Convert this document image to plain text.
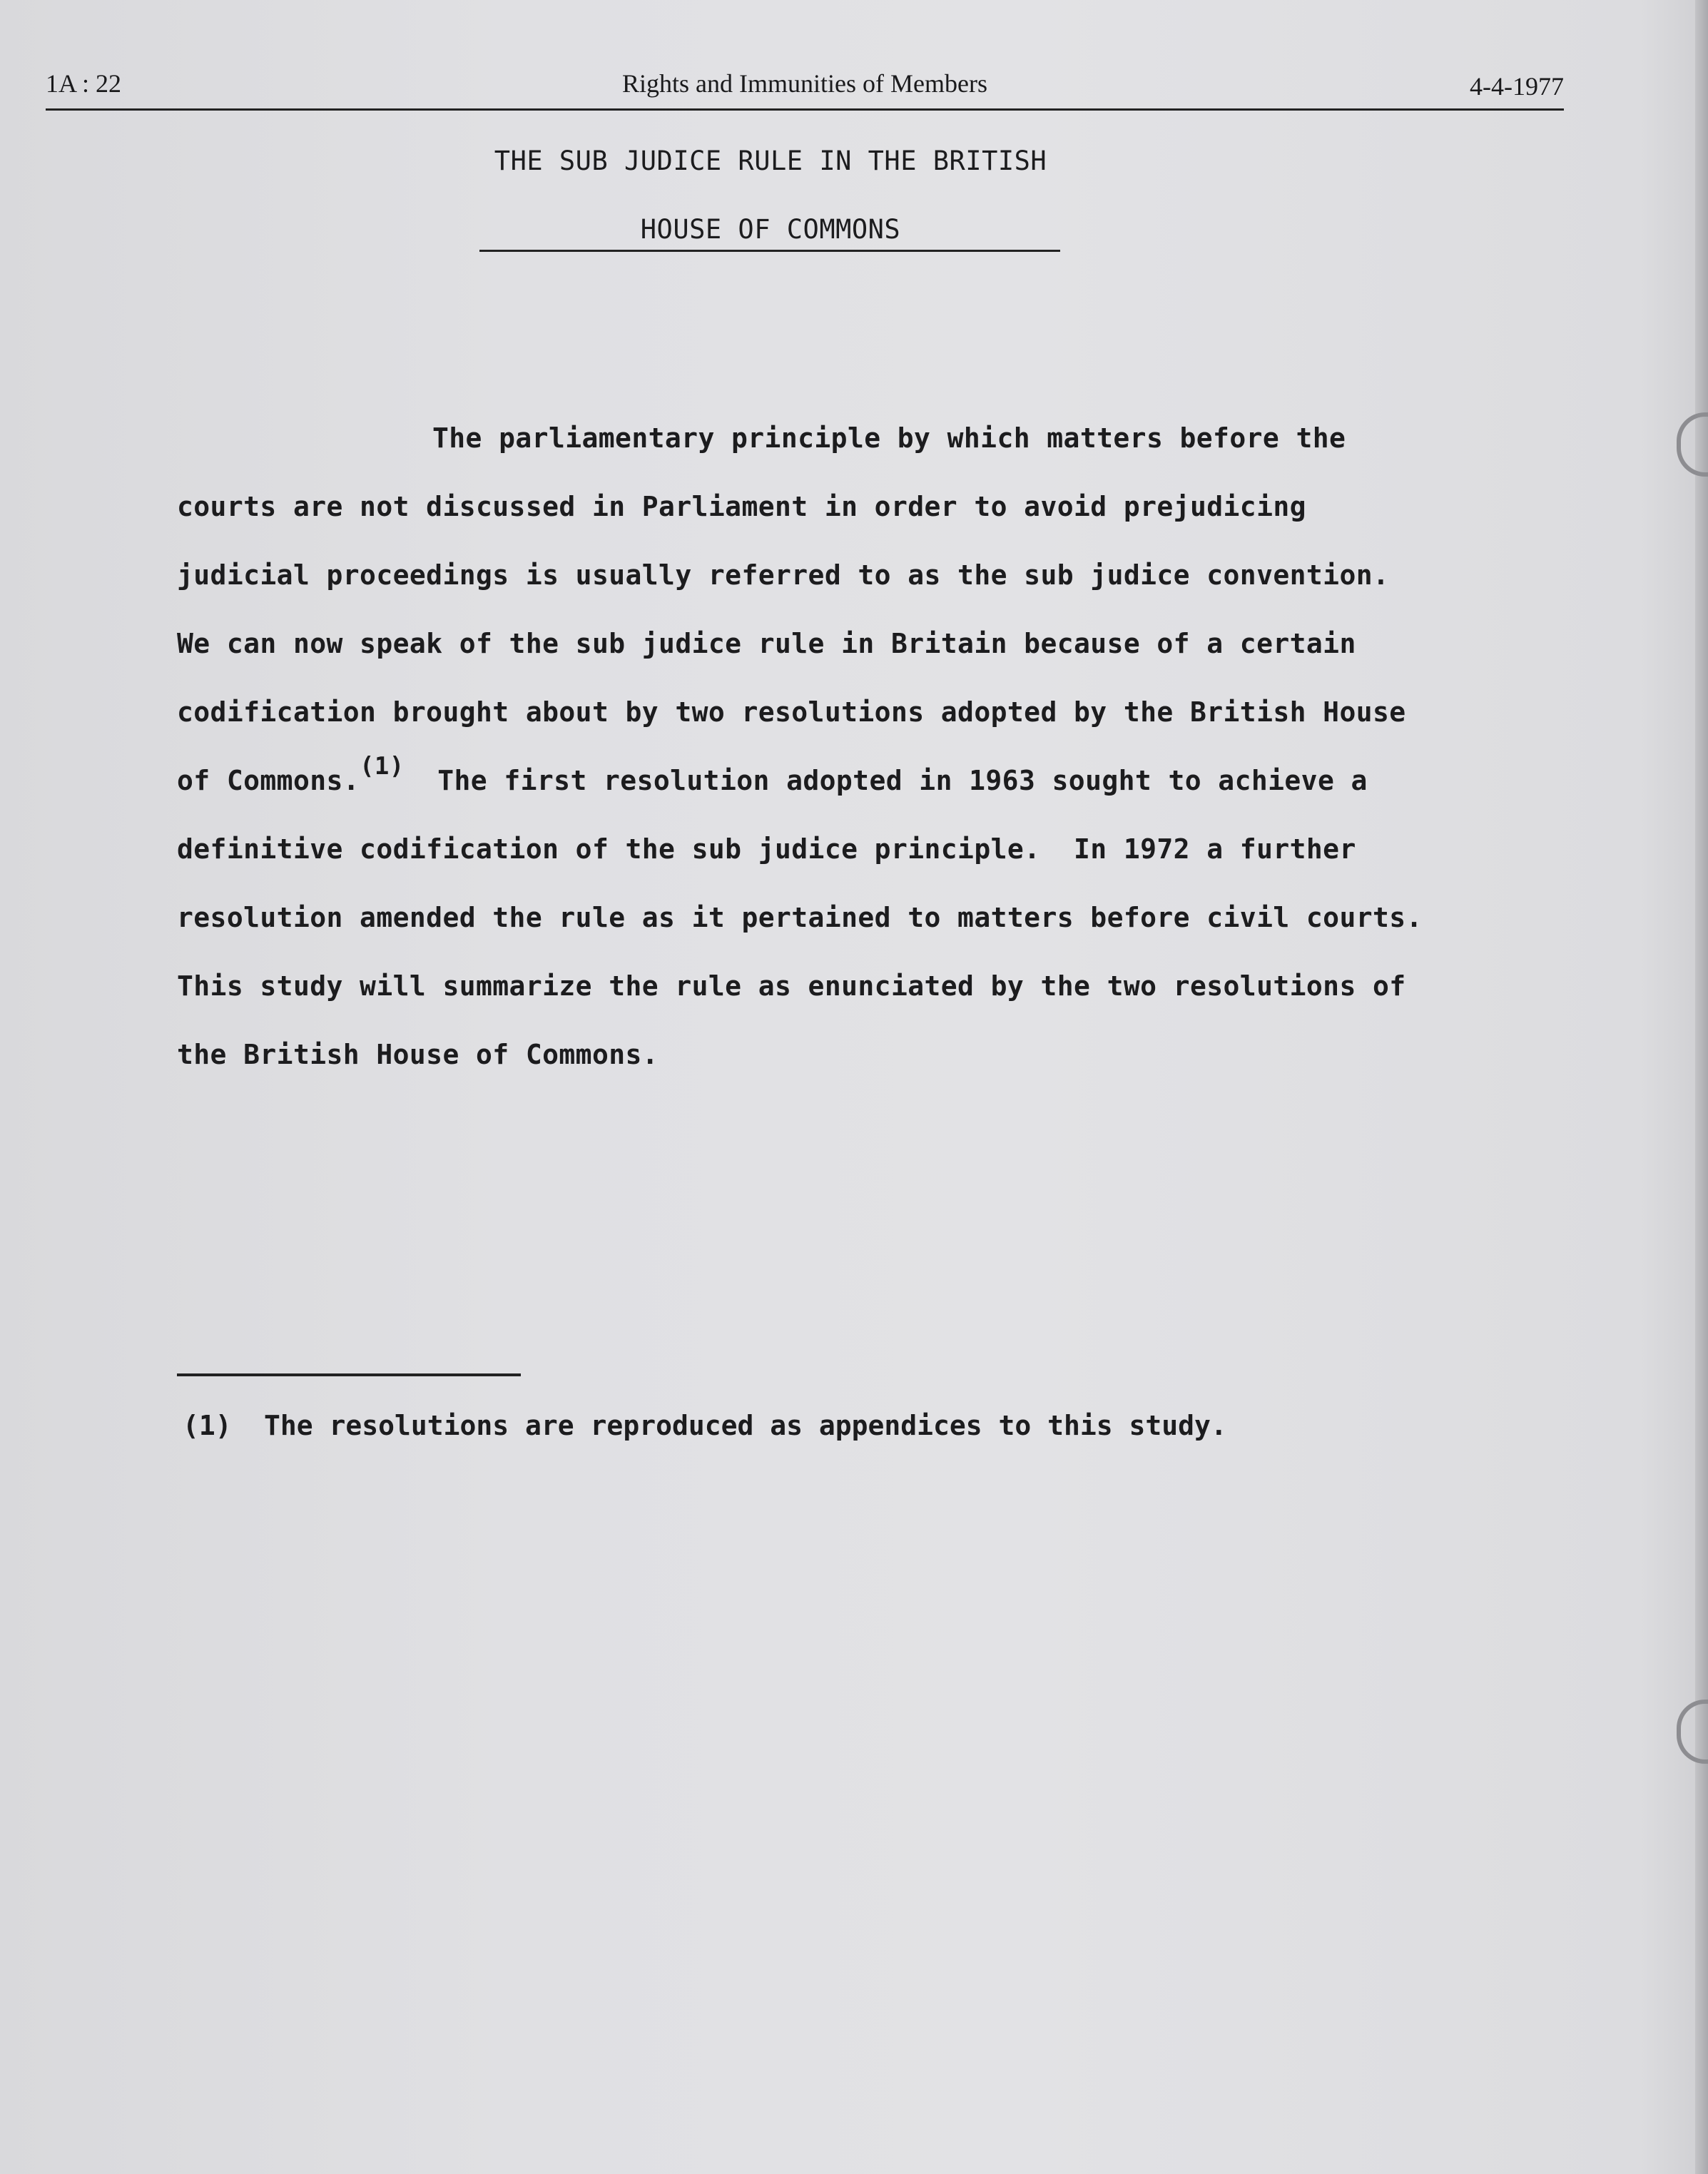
Rights and Immunities of Members
1A : 22	4-4-1977
THE SUB JUDICE RULE IN THE BRITISH
HOUSE OF COMMONS
The parliamentary principle by which matters before the
courts are not discussed in Parliament in order to avoid prejudicing
judicial proceedings is usually referred to as the sub judice convention.
We can now speak of the sub judice rule in Britain because of a certain
codification brought about by two resolutions adopted by the British House
of Commons.$^{(1)}$ The first resolution adopted in 1963 sought to achieve a
definitive codification of the sub judice principle.  In 1972 a further
resolution amended the rule as it pertained to matters before civil courts.
This study will summarize the rule as enunciated by the two resolutions of
the British House of Commons.
(1) The resolutions are reproduced as appendices to this study.
